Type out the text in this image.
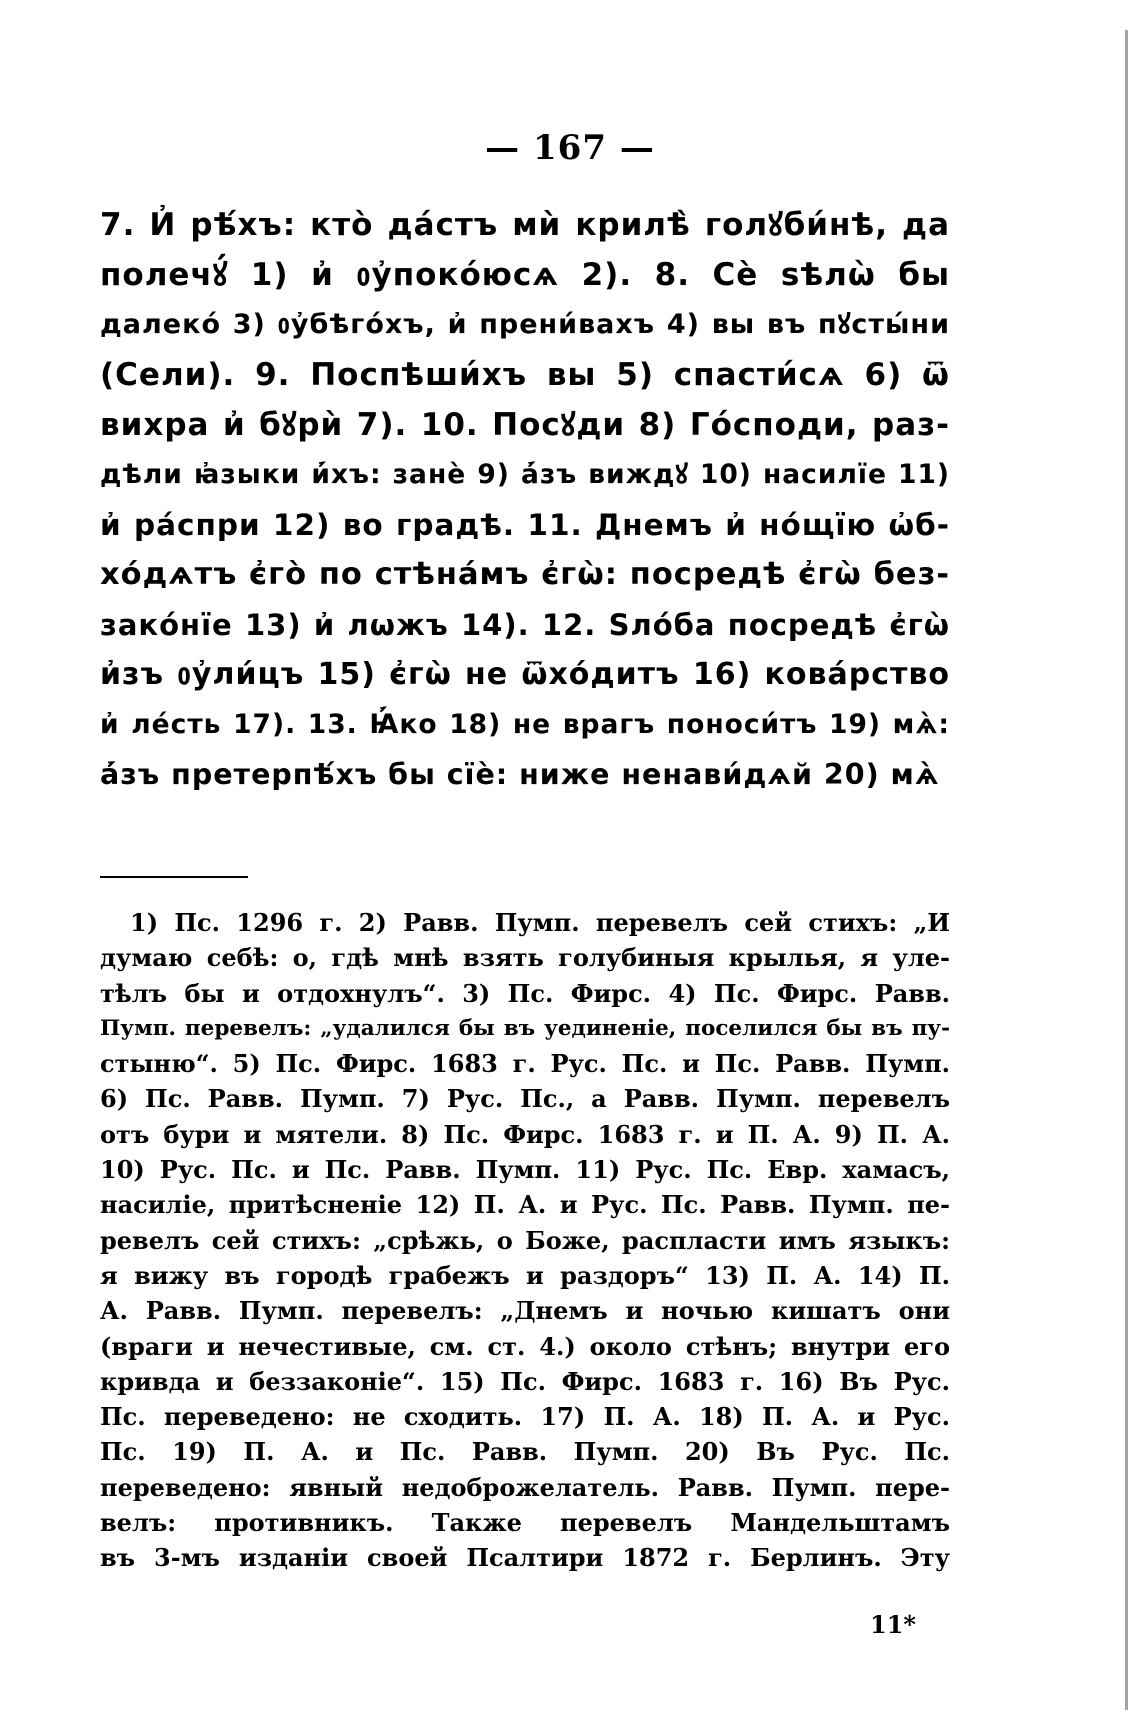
— 167 —
7. И҆ рѣ́хъ: кто̀ да́стъ мѝ крилѣ̀ голꙋби́нѣ, да
полечꙋ́ 1) и҆ ᲂу҆поко́юсѧ 2). 8. Сѐ ѕѣлѡ̀ бы
далеко́ 3) ᲂу҆бѣго́хъ, и҆ прени́вахъ 4) вы въ пꙋсты́ни
(Сели). 9. Поспѣши́хъ вы 5) спасти́сѧ 6) ѿ
вихра и҆ бꙋрѝ 7). 10. Посꙋди 8) Го́споди, раз-
дѣли ꙗ҆зыки и҆́хъ: занѐ 9) а҆́зъ виждꙋ 10) насилїе 11)
и҆ ра́спри 12) во градѣ. 11. Днемъ и҆ но́щїю ѡ҆б-
хо́дѧтъ є҆го̀ по стѣна́мъ є҆гѡ̀: посредѣ є҆гѡ̀ без-
зако́нїе 13) и҆ лѡжъ 14). 12. Ѕло́ба посредѣ є҆гѡ̀
и҆зъ ᲂу҆ли́цъ 15) є҆гѡ̀ не ѿхо́дитъ 16) кова́рство
и҆ ле́сть 17). 13. Ꙗ҆́ко 18) не врагъ поноси́тъ 19) мѧ̀:
а҆́зъ претерпѣ́хъ бы сїѐ: ниже ненави́дѧй 20) мѧ̀
1) Пс. 1296 г. 2) Равв. Пумп. перевелъ сей стихъ: „И
думаю себѣ: о, гдѣ мнѣ взять голубиныя крылья, я уле-
тѣлъ бы и отдохнулъ“. 3) Пс. Фирс. 4) Пс. Фирс. Равв.
Пумп. перевелъ: „удалился бы въ уединеніе, поселился бы въ пу-
стыню“. 5) Пс. Фирс. 1683 г. Рус. Пс. и Пс. Равв. Пумп.
6) Пс. Равв. Пумп. 7) Рус. Пс., а Равв. Пумп. перевелъ
отъ бури и мятели. 8) Пс. Фирс. 1683 г. и П. А. 9) П. А.
10) Рус. Пс. и Пс. Равв. Пумп. 11) Рус. Пс. Евр. хамасъ,
насиліе, притѣсненіе 12) П. А. и Рус. Пс. Равв. Пумп. пе-
ревелъ сей стихъ: „срѣжь, о Боже, распласти имъ языкъ:
я вижу въ городѣ грабежъ и раздоръ“ 13) П. А. 14) П.
А. Равв. Пумп. перевелъ: „Днемъ и ночью кишатъ они
(враги и нечестивые, см. ст. 4.) около стѣнъ; внутри его
кривда и беззаконіе“. 15) Пс. Фирс. 1683 г. 16) Въ Рус.
Пс. переведено: не сходить. 17) П. А. 18) П. А. и Рус.
Пс. 19) П. А. и Пс. Равв. Пумп. 20) Въ Рус. Пс.
переведено: явный недоброжелатель. Равв. Пумп. пере-
велъ: противникъ. Также перевелъ Мандельштамъ
въ 3-мъ изданіи своей Псалтири 1872 г. Берлинъ. Эту
11*
